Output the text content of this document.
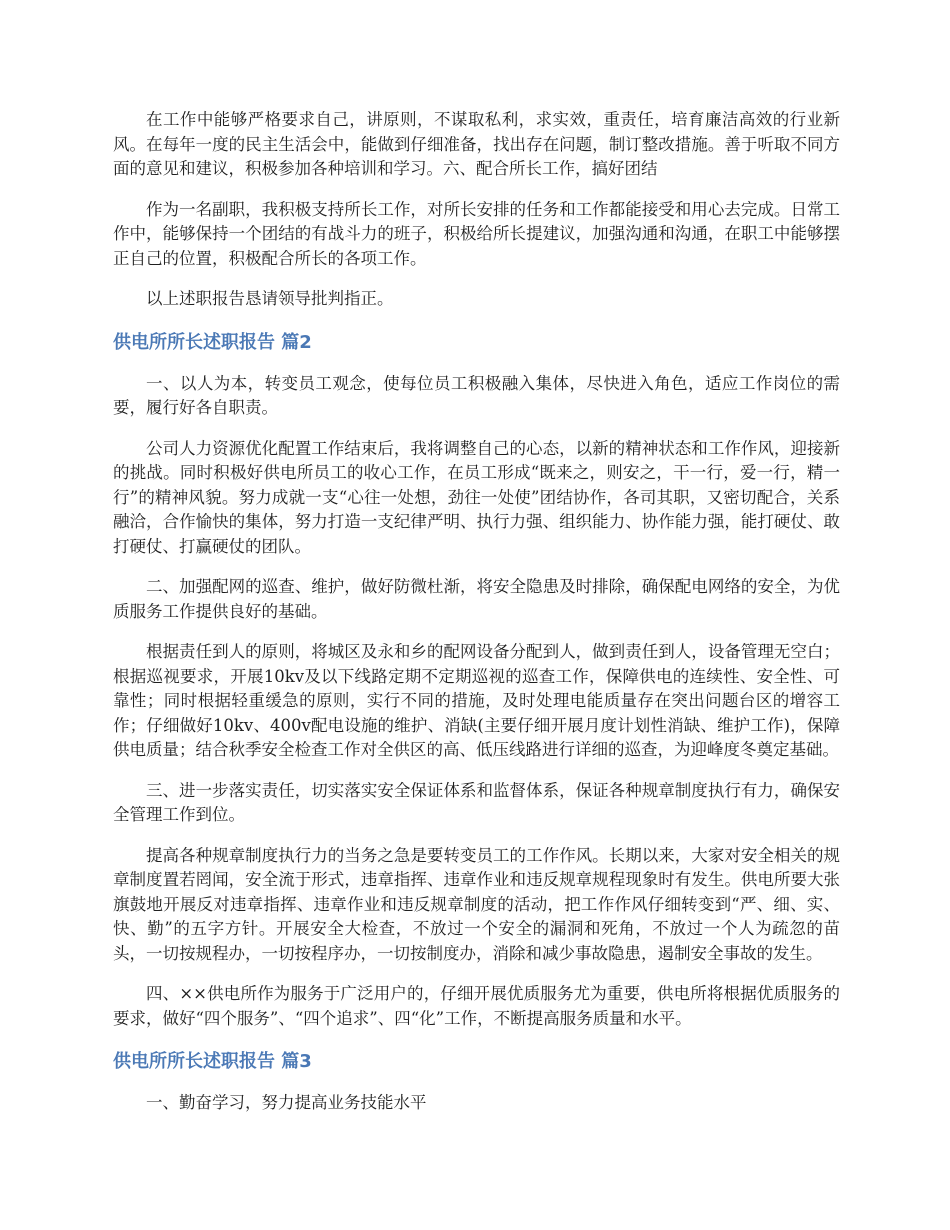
在工作中能够严格要求自己，讲原则，不谋取私利，求实效，重责任，培育廉洁高效的行业新风。在每年一度的民主生活会中，能做到仔细准备，找出存在问题，制订整改措施。善于听取不同方面的意见和建议，积极参加各种培训和学习。六、配合所长工作，搞好团结

作为一名副职，我积极支持所长工作，对所长安排的任务和工作都能接受和用心去完成。日常工作中，能够保持一个团结的有战斗力的班子，积极给所长提建议，加强沟通和沟通，在职工中能够摆正自己的位置，积极配合所长的各项工作。

以上述职报告恳请领导批判指正。

供电所所长述职报告 篇2

一、以人为本，转变员工观念，使每位员工积极融入集体，尽快进入角色，适应工作岗位的需要，履行好各自职责。

公司人力资源优化配置工作结束后，我将调整自己的心态，以新的精神状态和工作作风，迎接新的挑战。同时积极好供电所员工的收心工作，在员工形成“既来之，则安之，干一行，爱一行，精一行”的精神风貌。努力成就一支“心往一处想，劲往一处使”团结协作，各司其职，又密切配合，关系融洽，合作愉快的集体，努力打造一支纪律严明、执行力强、组织能力、协作能力强，能打硬仗、敢打硬仗、打赢硬仗的团队。

二、加强配网的巡查、维护，做好防微杜渐，将安全隐患及时排除，确保配电网络的安全，为优质服务工作提供良好的基础。

根据责任到人的原则，将城区及永和乡的配网设备分配到人，做到责任到人，设备管理无空白；根据巡视要求，开展10kv及以下线路定期不定期巡视的巡查工作，保障供电的连续性、安全性、可靠性；同时根据轻重缓急的原则，实行不同的措施，及时处理电能质量存在突出问题台区的增容工作；仔细做好10kv、400v配电设施的维护、消缺(主要仔细开展月度计划性消缺、维护工作)，保障供电质量；结合秋季安全检查工作对全供区的高、低压线路进行详细的巡查，为迎峰度冬奠定基础。

三、进一步落实责任，切实落实安全保证体系和监督体系，保证各种规章制度执行有力，确保安全管理工作到位。

提高各种规章制度执行力的当务之急是要转变员工的工作作风。长期以来，大家对安全相关的规章制度置若罔闻，安全流于形式，违章指挥、违章作业和违反规章规程现象时有发生。供电所要大张旗鼓地开展反对违章指挥、违章作业和违反规章制度的活动，把工作作风仔细转变到“严、细、实、快、勤”的五字方针。开展安全大检查，不放过一个安全的漏洞和死角，不放过一个人为疏忽的苗头，一切按规程办，一切按程序办，一切按制度办，消除和减少事故隐患，遏制安全事故的发生。

四、××供电所作为服务于广泛用户的，仔细开展优质服务尤为重要，供电所将根据优质服务的要求，做好“四个服务”、“四个追求”、四“化”工作，不断提高服务质量和水平。

供电所所长述职报告 篇3

一、勤奋学习，努力提高业务技能水平
